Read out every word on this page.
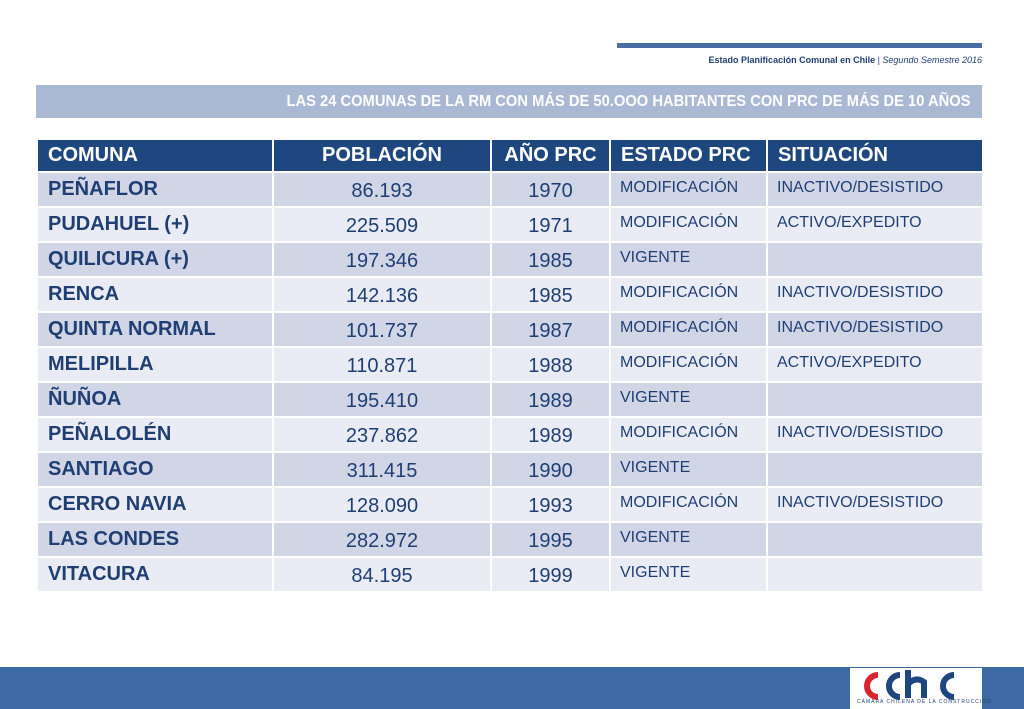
Estado Planificación Comunal en Chile | Segundo Semestre 2016
LAS 24 COMUNAS DE LA RM CON MÁS DE 50.OOO HABITANTES CON PRC DE MÁS DE 10 AÑOS
COMUNA	POBLACIÓN	AÑO PRC	ESTADO PRC	SITUACIÓN
PEÑAFLOR	86.193	1970	MODIFICACIÓN	INACTIVO/DESISTIDO
PUDAHUEL (+)	225.509	1971	MODIFICACIÓN	ACTIVO/EXPEDITO
QUILICURA (+)	197.346	1985	VIGENTE	
RENCA	142.136	1985	MODIFICACIÓN	INACTIVO/DESISTIDO
QUINTA NORMAL	101.737	1987	MODIFICACIÓN	INACTIVO/DESISTIDO
MELIPILLA	110.871	1988	MODIFICACIÓN	ACTIVO/EXPEDITO
ÑUÑOA	195.410	1989	VIGENTE	
PEÑALOLÉN	237.862	1989	MODIFICACIÓN	INACTIVO/DESISTIDO
SANTIAGO	311.415	1990	VIGENTE	
CERRO NAVIA	128.090	1993	MODIFICACIÓN	INACTIVO/DESISTIDO
LAS CONDES	282.972	1995	VIGENTE	
VITACURA	84.195	1999	VIGENTE	
CÁMARA CHILENA DE LA CONSTRUCCIÓN
